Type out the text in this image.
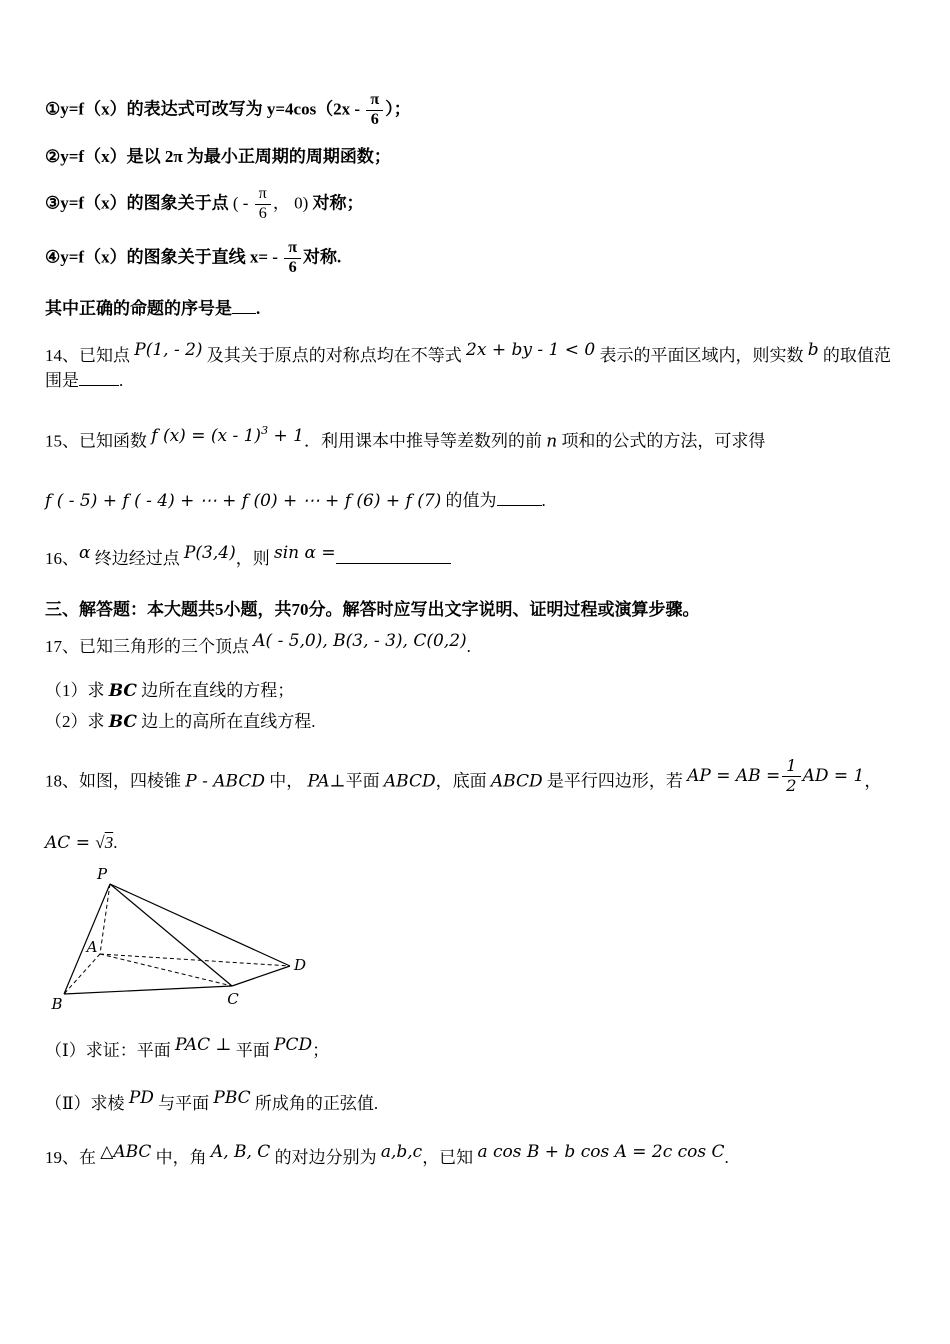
①y=f（x）的表达式可改写为 $y=4\cos(2x - \frac{\pi}{6}$ ）；
②y=f（x）是以 2π 为最小正周期的周期函数；
③y=f（x）的图象关于点 ( - $\frac{\pi}{6}$ ， 0) 对称；
④y=f（x）的图象关于直线 $x= - \frac{\pi}{6}$ 对称.
其中正确的命题的序号是 .
14、已知点 P(1, - 2) 及其关于原点的对称点均在不等式 2x + by - 1 < 0 表示的平面区域内，则实数 b 的取值范围是 .
15、已知函数 f (x) = (x - 1)$^3$ + 1．利用课本中推导等差数列的前 n 项和的公式的方法，可求得
f ( - 5) + f ( - 4) + ⋯ + f (0) + ⋯ + f (6) + f (7) 的值为	.
16、α 终边经过点 P(3,4)，则 sin α =
三、解答题：本大题共5小题，共70分。解答时应写出文字说明、证明过程或演算步骤。
17、已知三角形的三个顶点 A( - 5,0), B(3, - 3), C(0,2).
（1）求 BC 边所在直线的方程；
（2）求 BC 边上的高所在直线方程.
18、如图，四棱锥 P - ABCD 中， PA⊥平面 ABCD，底面 ABCD 是平行四边形，若 AP = AB = $\frac{1}{2}$ AD = 1，
AC = √3.
P
A
B	C
D
（Ⅰ）求证：平面 PAC ⊥ 平面 PCD；
（Ⅱ）求棱 PD 与平面 PBC 所成角的正弦值.
19、在 △ABC 中，角 A, B, C 的对边分别为 a,b,c，已知 a cos B + b cos A = 2c cos C.
